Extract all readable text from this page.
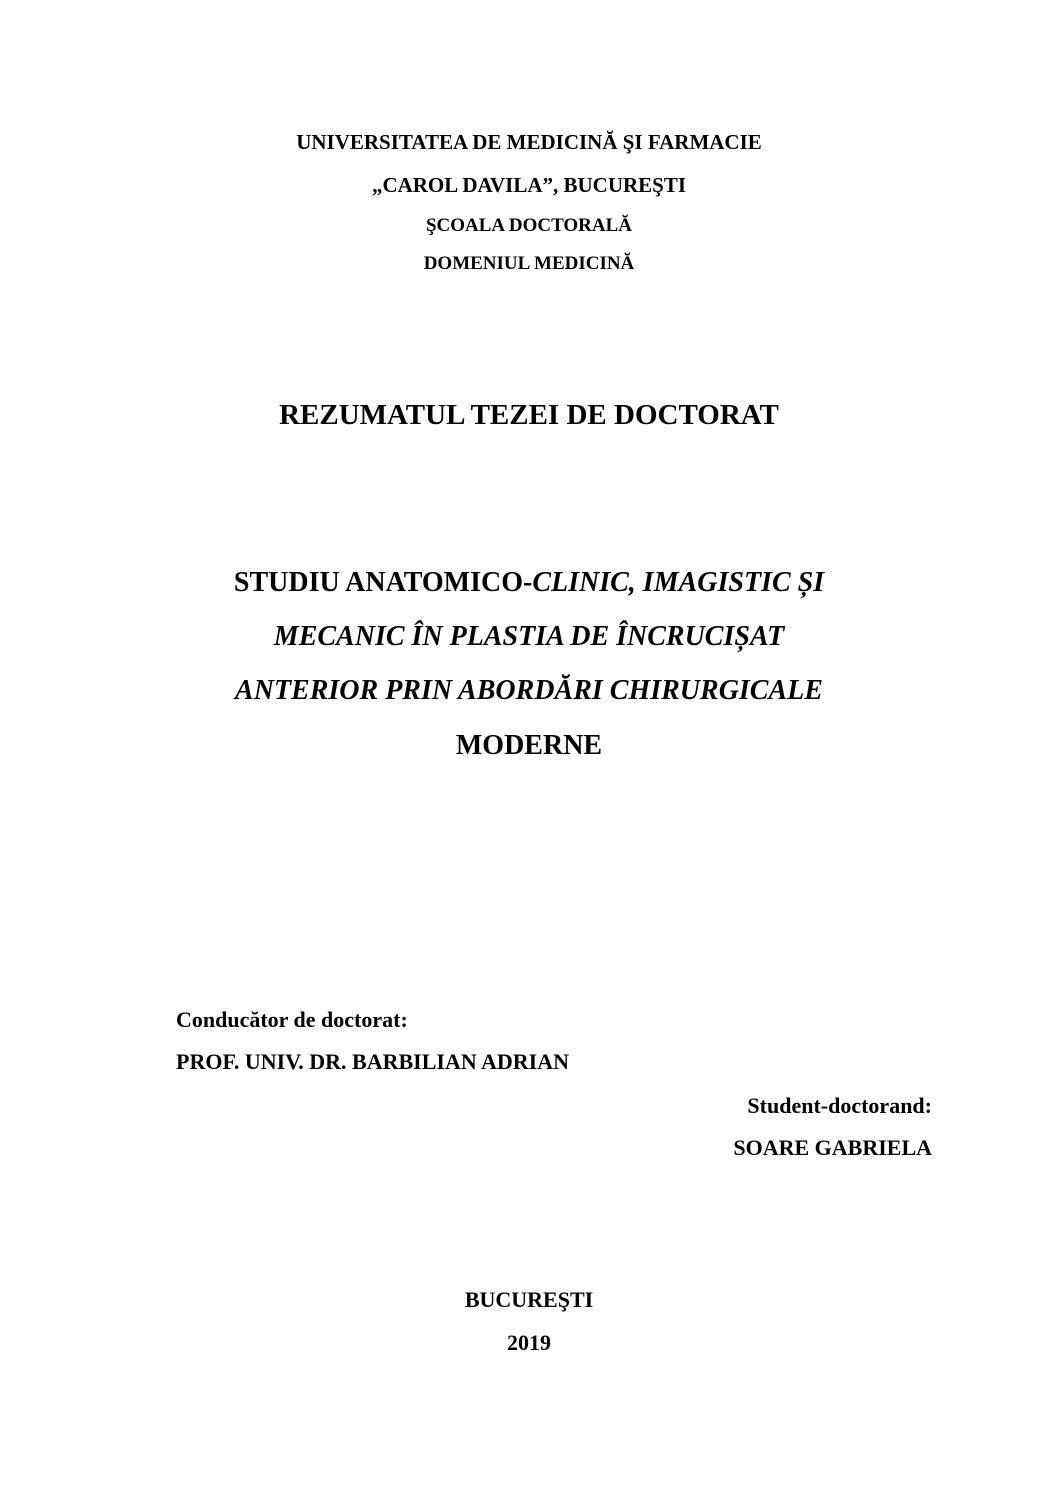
UNIVERSITATEA DE MEDICINĂ ŞI FARMACIE
„CAROL DAVILA”, BUCUREŞTI
ŞCOALA DOCTORALĂ
DOMENIUL MEDICINĂ
REZUMATUL TEZEI DE DOCTORAT
STUDIU ANATOMICO-CLINIC, IMAGISTIC ȘI
MECANIC ÎN PLASTIA DE ÎNCRUCIȘAT
ANTERIOR PRIN ABORDĂRI CHIRURGICALE
MODERNE
Conducător de doctorat:
PROF. UNIV. DR. BARBILIAN ADRIAN
Student-doctorand:
SOARE GABRIELA
BUCUREŞTI
2019
